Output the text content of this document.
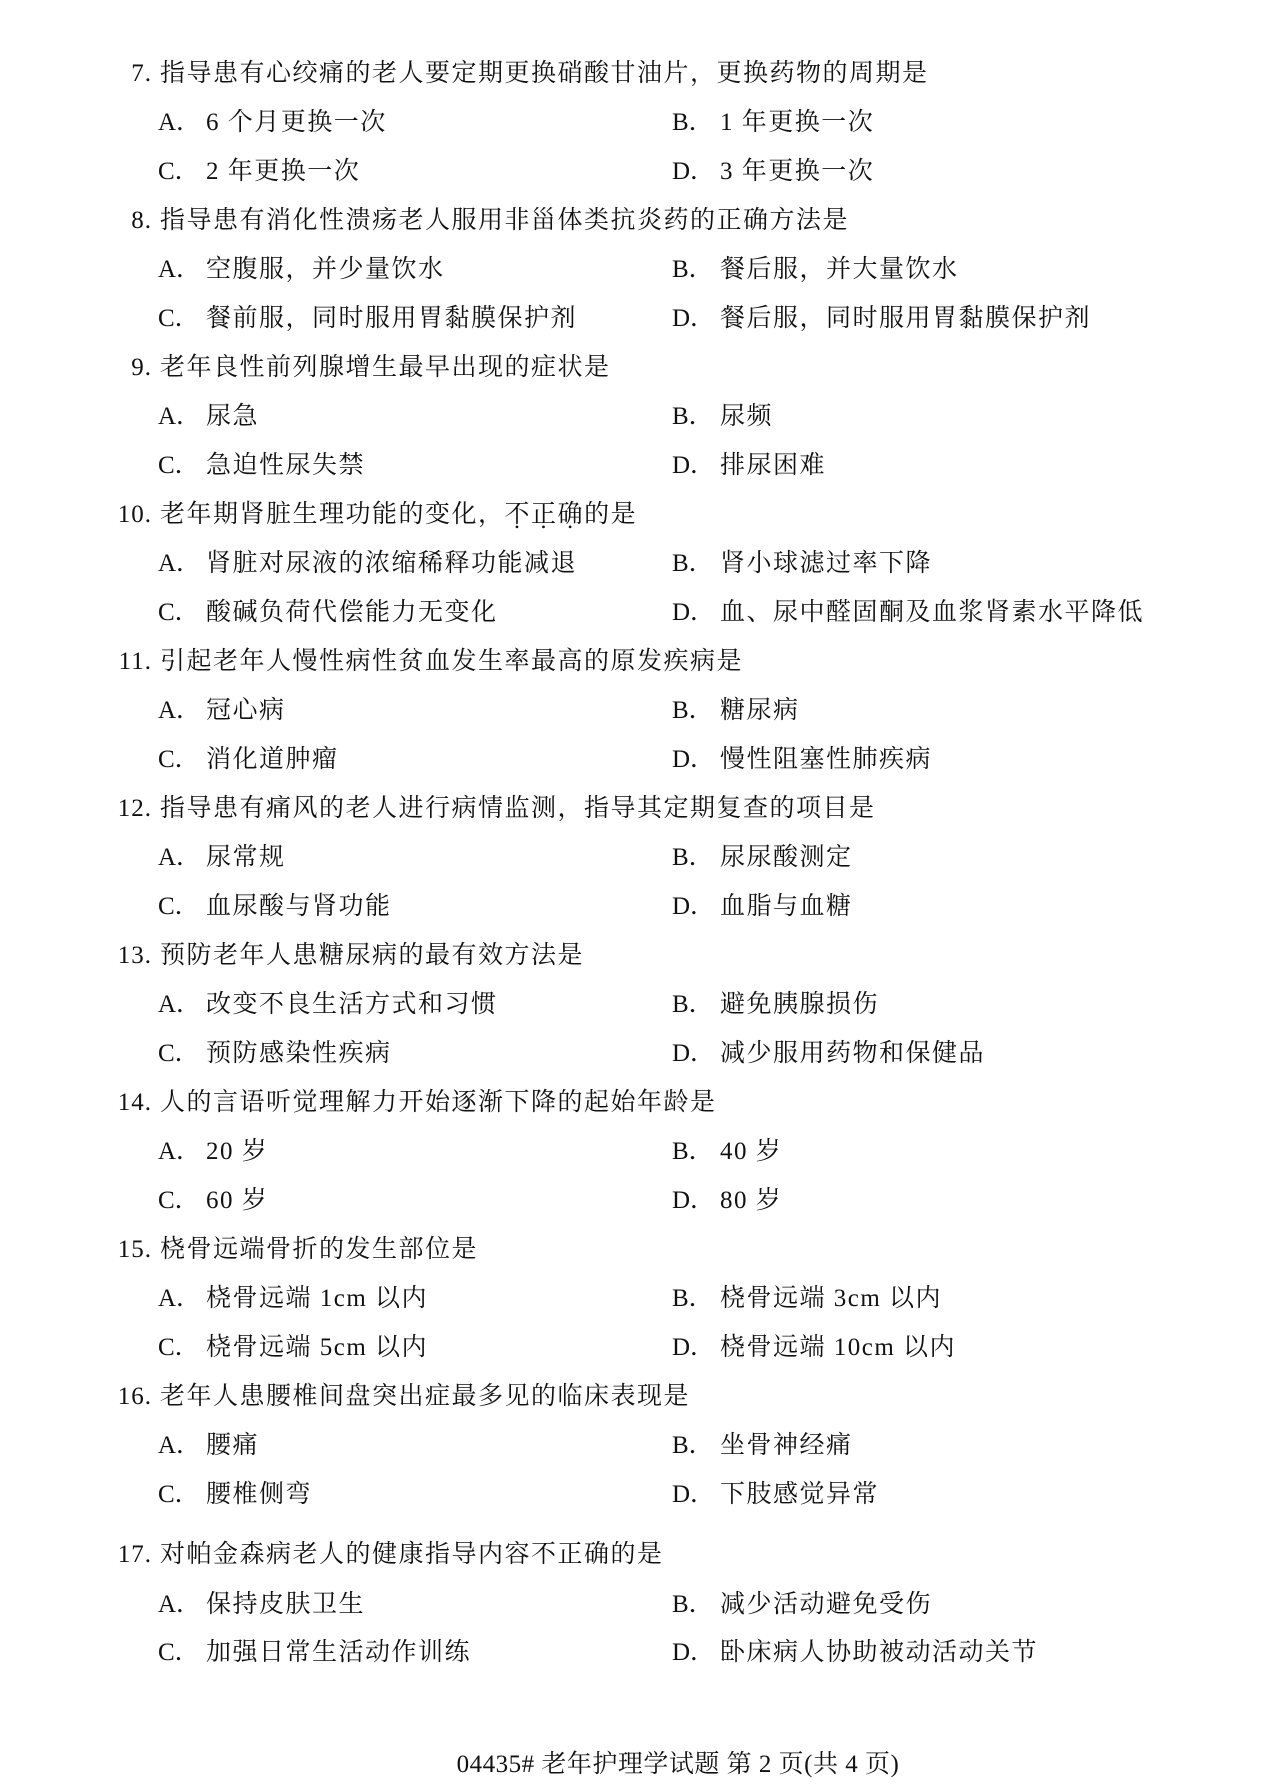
7. 指导患有心绞痛的老人要定期更换硝酸甘油片，更换药物的周期是
A． 6 个月更换一次	B． 1 年更换一次
C． 2 年更换一次	D． 3 年更换一次
8. 指导患有消化性溃疡老人服用非甾体类抗炎药的正确方法是
A． 空腹服，并少量饮水	B． 餐后服，并大量饮水
C． 餐前服，同时服用胃黏膜保护剂	D． 餐后服，同时服用胃黏膜保护剂
9. 老年良性前列腺增生最早出现的症状是
A． 尿急	B． 尿频
C． 急迫性尿失禁	D． 排尿困难
10. 老年期肾脏生理功能的变化，不正确的是
A． 肾脏对尿液的浓缩稀释功能减退	B． 肾小球滤过率下降
C． 酸碱负荷代偿能力无变化	D． 血、尿中醛固酮及血浆肾素水平降低
11. 引起老年人慢性病性贫血发生率最高的原发疾病是
A． 冠心病	B． 糖尿病
C． 消化道肿瘤	D． 慢性阻塞性肺疾病
12. 指导患有痛风的老人进行病情监测，指导其定期复查的项目是
A． 尿常规	B． 尿尿酸测定
C． 血尿酸与肾功能	D． 血脂与血糖
13. 预防老年人患糖尿病的最有效方法是
A． 改变不良生活方式和习惯	B． 避免胰腺损伤
C． 预防感染性疾病	D． 减少服用药物和保健品
14. 人的言语听觉理解力开始逐渐下降的起始年龄是
A． 20 岁	B． 40 岁
C． 60 岁	D． 80 岁
15. 桡骨远端骨折的发生部位是
A． 桡骨远端 1cm 以内	B． 桡骨远端 3cm 以内
C． 桡骨远端 5cm 以内	D． 桡骨远端 10cm 以内
16. 老年人患腰椎间盘突出症最多见的临床表现是
A． 腰痛	B． 坐骨神经痛
C． 腰椎侧弯	D． 下肢感觉异常
17. 对帕金森病老人的健康指导内容不正确的是
A． 保持皮肤卫生	B． 减少活动避免受伤
C． 加强日常生活动作训练	D． 卧床病人协助被动活动关节
04435# 老年护理学试题 第 2 页(共 4 页)
